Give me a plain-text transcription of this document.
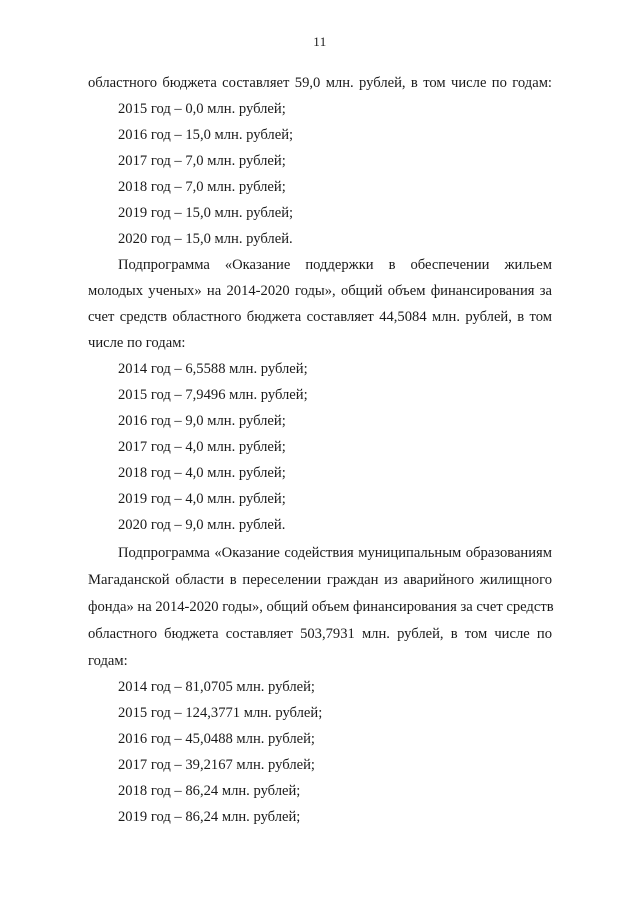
11
областного бюджета составляет 59,0 млн. рублей, в том числе по годам:
2015 год – 0,0 млн. рублей;
2016 год – 15,0 млн. рублей;
2017 год – 7,0 млн. рублей;
2018 год – 7,0 млн. рублей;
2019 год – 15,0 млн. рублей;
2020 год – 15,0 млн. рублей.
Подпрограмма «Оказание поддержки в обеспечении жильем
молодых ученых» на 2014-2020 годы», общий объем финансирования за
счет средств областного бюджета составляет 44,5084 млн. рублей, в том
числе по годам:
2014 год – 6,5588 млн. рублей;
2015 год – 7,9496 млн. рублей;
2016 год – 9,0 млн. рублей;
2017 год – 4,0 млн. рублей;
2018 год – 4,0 млн. рублей;
2019 год – 4,0 млн. рублей;
2020 год – 9,0 млн. рублей.
Подпрограмма «Оказание содействия муниципальным образованиям
Магаданской области в переселении граждан из аварийного жилищного
фонда» на 2014-2020 годы», общий объем финансирования за счет средств
областного бюджета составляет 503,7931 млн. рублей, в том числе по
годам:
2014 год – 81,0705 млн. рублей;
2015 год – 124,3771 млн. рублей;
2016 год – 45,0488 млн. рублей;
2017 год – 39,2167 млн. рублей;
2018 год – 86,24 млн. рублей;
2019 год – 86,24 млн. рублей;
